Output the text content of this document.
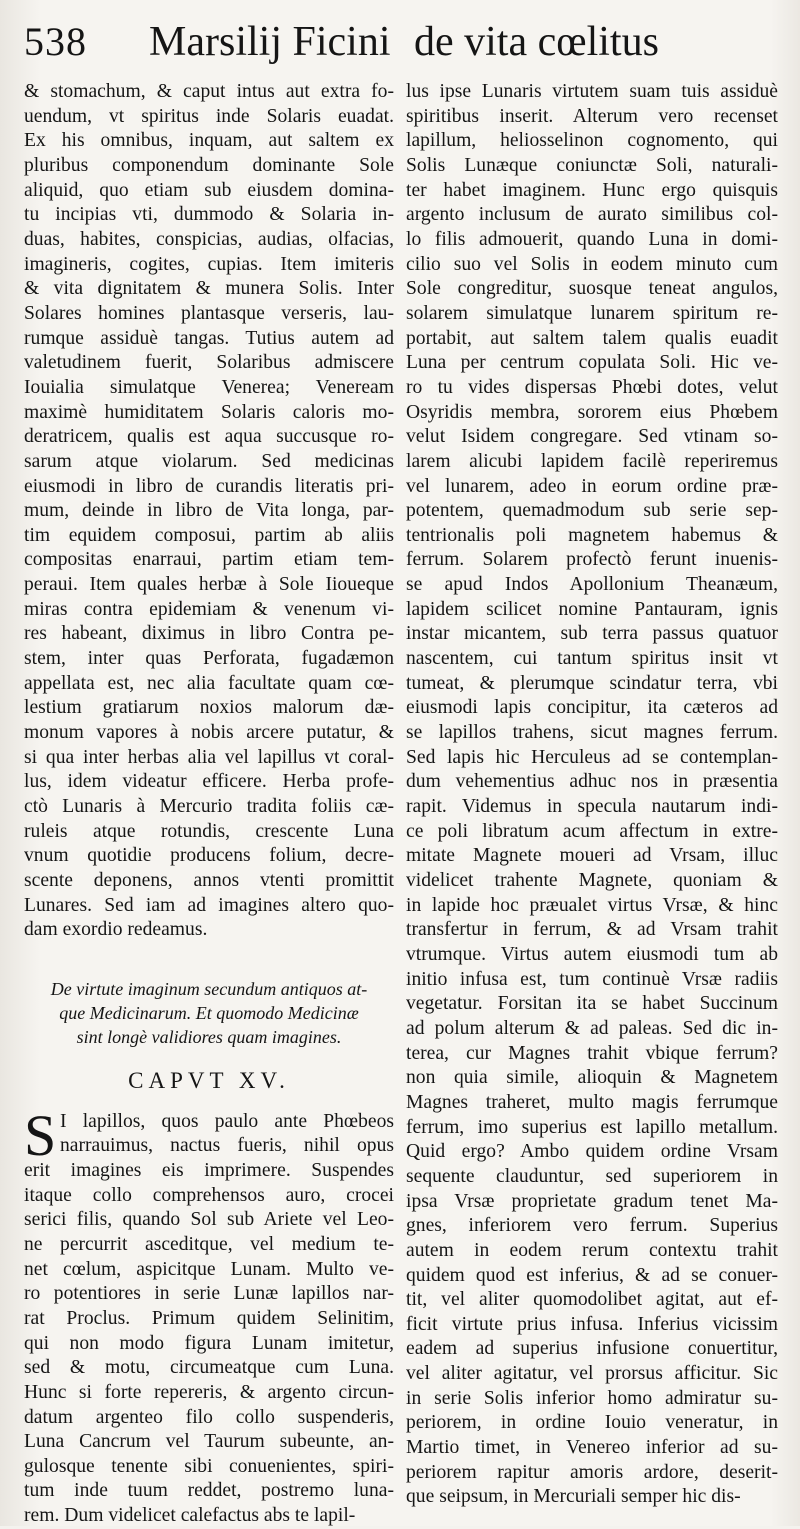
538	Marsilij Ficini de vita cœlitus
& stomachum, & caput intus aut extra fo-
uendum, vt spiritus inde Solaris euadat.
Ex his omnibus, inquam, aut saltem ex
pluribus componendum dominante Sole
aliquid, quo etiam sub eiusdem domina-
tu incipias vti, dummodo & Solaria in-
duas, habites, conspicias, audias, olfacias,
imagineris, cogites, cupias. Item imiteris
& vita dignitatem & munera Solis. Inter
Solares homines plantasque verseris, lau-
rumque assiduè tangas. Tutius autem ad
valetudinem fuerit, Solaribus admiscere
Iouialia simulatque Venerea; Veneream
maximè humiditatem Solaris caloris mo-
deratricem, qualis est aqua succusque ro-
sarum atque violarum. Sed medicinas
eiusmodi in libro de curandis literatis pri-
mum, deinde in libro de Vita longa, par-
tim equidem composui, partim ab aliis
compositas enarraui, partim etiam tem-
peraui. Item quales herbæ à Sole Iioueque
miras contra epidemiam & venenum vi-
res habeant, diximus in libro Contra pe-
stem, inter quas Perforata, fugadæmon
appellata est, nec alia facultate quam cœ-
lestium gratiarum noxios malorum dæ-
monum vapores à nobis arcere putatur, &
si qua inter herbas alia vel lapillus vt coral-
lus, idem videatur efficere. Herba profe-
ctò Lunaris à Mercurio tradita foliis cæ-
ruleis atque rotundis, crescente Luna
vnum quotidie producens folium, decre-
scente deponens, annos vtenti promittit
Lunares. Sed iam ad imagines altero quo-
dam exordio redeamus.
De virtute imaginum secundum antiquos at-
que Medicinarum. Et quomodo Medicinæ
sint longè validiores quam imagines.
CAPVT XV.
S I lapillos, quos paulo ante Phœbeos
narrauimus, nactus fueris, nihil opus
erit imagines eis imprimere. Suspendes
itaque collo comprehensos auro, crocei
serici filis, quando Sol sub Ariete vel Leo-
ne percurrit asceditque, vel medium te-
net cœlum, aspicitque Lunam. Multo ve-
ro potentiores in serie Lunæ lapillos nar-
rat Proclus. Primum quidem Selinitim,
qui non modo figura Lunam imitetur,
sed & motu, circumeatque cum Luna.
Hunc si forte repereris, & argento circun-
datum argenteo filo collo suspenderis,
Luna Cancrum vel Taurum subeunte, an-
gulosque tenente sibi conuenientes, spiri-
tum inde tuum reddet, postremo luna-
rem. Dum videlicet calefactus abs te lapil-
lus ipse Lunaris virtutem suam tuis assiduè
spiritibus inserit. Alterum vero recenset
lapillum, heliosselinon cognomento, qui
Solis Lunæque coniunctæ Soli, naturali-
ter habet imaginem. Hunc ergo quisquis
argento inclusum de aurato similibus col-
lo filis admouerit, quando Luna in domi-
cilio suo vel Solis in eodem minuto cum
Sole congreditur, suosque teneat angulos,
solarem simulatque lunarem spiritum re-
portabit, aut saltem talem qualis euadit
Luna per centrum copulata Soli. Hic ve-
ro tu vides dispersas Phœbi dotes, velut
Osyridis membra, sororem eius Phœbem
velut Isidem congregare. Sed vtinam so-
larem alicubi lapidem facilè reperiremus
vel lunarem, adeo in eorum ordine præ-
potentem, quemadmodum sub serie sep-
tentrionalis poli magnetem habemus &
ferrum. Solarem profectò ferunt inuenis-
se apud Indos Apollonium Theanæum,
lapidem scilicet nomine Pantauram, ignis
instar micantem, sub terra passus quatuor
nascentem, cui tantum spiritus insit vt
tumeat, & plerumque scindatur terra, vbi
eiusmodi lapis concipitur, ita cæteros ad
se lapillos trahens, sicut magnes ferrum.
Sed lapis hic Herculeus ad se contemplan-
dum vehementius adhuc nos in præsentia
rapit. Videmus in specula nautarum indi-
ce poli libratum acum affectum in extre-
mitate Magnete moueri ad Vrsam, illuc
videlicet trahente Magnete, quoniam &
in lapide hoc præualet virtus Vrsæ, & hinc
transfertur in ferrum, & ad Vrsam trahit
vtrumque. Virtus autem eiusmodi tum ab
initio infusa est, tum continuè Vrsæ radiis
vegetatur. Forsitan ita se habet Succinum
ad polum alterum & ad paleas. Sed dic in-
terea, cur Magnes trahit vbique ferrum?
non quia simile, alioquin & Magnetem
Magnes traheret, multo magis ferrumque
ferrum, imo superius est lapillo metallum.
Quid ergo? Ambo quidem ordine Vrsam
sequente clauduntur, sed superiorem in
ipsa Vrsæ proprietate gradum tenet Ma-
gnes, inferiorem vero ferrum. Superius
autem in eodem rerum contextu trahit
quidem quod est inferius, & ad se conuer-
tit, vel aliter quomodolibet agitat, aut ef-
ficit virtute prius infusa. Inferius vicissim
eadem ad superius infusione conuertitur,
vel aliter agitatur, vel prorsus afficitur. Sic
in serie Solis inferior homo admiratur su-
periorem, in ordine Iouio veneratur, in
Martio timet, in Venereo inferior ad su-
periorem rapitur amoris ardore, deserit-
que seipsum, in Mercuriali semper hic dis-
